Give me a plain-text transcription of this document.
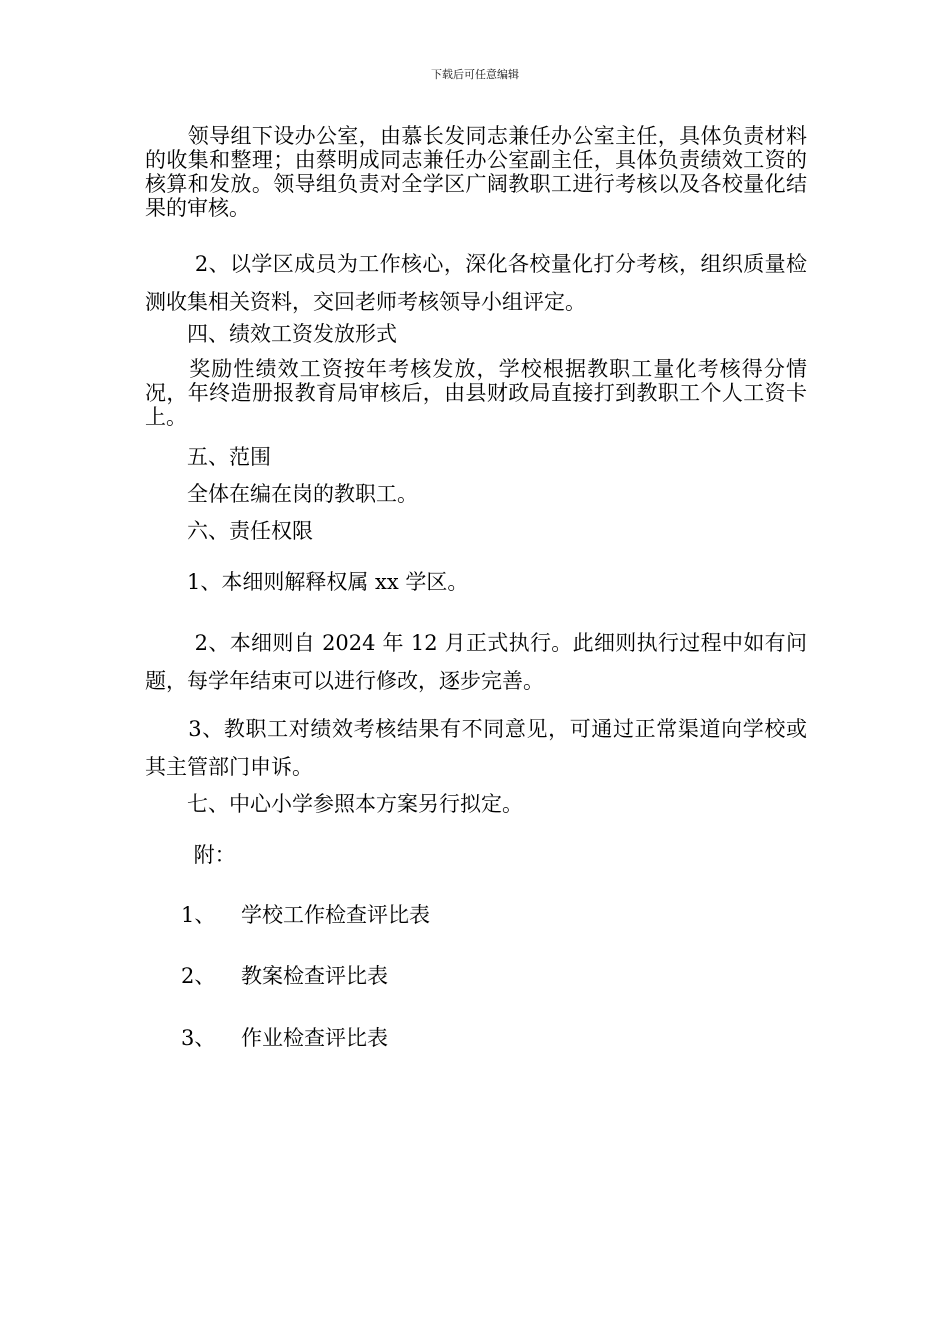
下载后可任意编辑

　　领导组下设办公室，由慕长发同志兼任办公室主任，具体负责材料的收集和整理；由蔡明成同志兼任办公室副主任，具体负责绩效工资的核算和发放。领导组负责对全学区广阔教职工进行考核以及各校量化结果的审核。

　　 2、以学区成员为工作核心，深化各校量化打分考核，组织质量检测收集相关资料，交回老师考核领导小组评定。

　　四、绩效工资发放形式

　　奖励性绩效工资按年考核发放，学校根据教职工量化考核得分情况，年终造册报教育局审核后，由县财政局直接打到教职工个人工资卡上。

　　五、范围

　　全体在编在岗的教职工。

　　六、责任权限

　　1、本细则解释权属 xx 学区。

　　 2、本细则自 2024 年 12 月正式执行。此细则执行过程中如有问题，每学年结束可以进行修改，逐步完善。

　　3、教职工对绩效考核结果有不同意见，可通过正常渠道向学校或其主管部门申诉。

　　七、中心小学参照本方案另行拟定。

　　 附：

1、 学校工作检查评比表

2、 教案检查评比表

3、 作业检查评比表
